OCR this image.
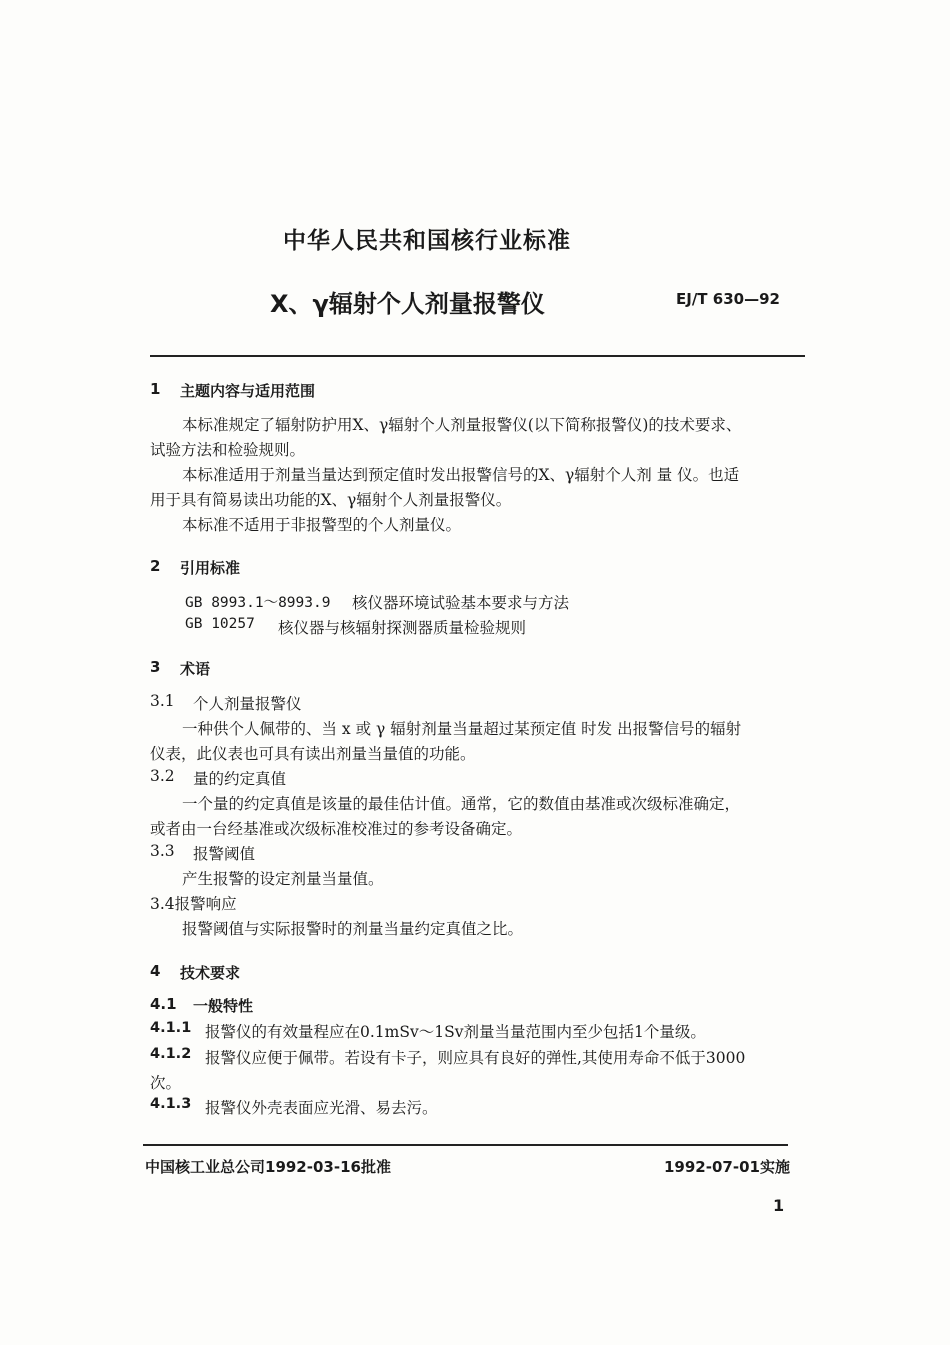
中华人民共和国核行业标准
X、γ辐射个人剂量报警仪	EJ/T 630—92
1 主题内容与适用范围
本标准规定了辐射防护用X、γ辐射个人剂量报警仪(以下简称报警仪)的技术要求、
试验方法和检验规则。
本标准适用于剂量当量达到预定值时发出报警信号的X、γ辐射个人剂 量 仪。也适
用于具有简易读出功能的X、γ辐射个人剂量报警仪。
本标准不适用于非报警型的个人剂量仪。
2 引用标准
GB 8993.1～8993.9 核仪器环境试验基本要求与方法
GB 10257 核仪器与核辐射探测器质量检验规则
3 术语
3.1 个人剂量报警仪
一种供个人佩带的、当 x 或 γ 辐射剂量当量超过某预定值 时发 出报警信号的辐射
仪表，此仪表也可具有读出剂量当量值的功能。
3.2 量的约定真值
一个量的约定真值是该量的最佳估计值。通常，它的数值由基准或次级标准确定，
或者由一台经基准或次级标准校准过的参考设备确定。
3.3 报警阈值
产生报警的设定剂量当量值。
3.4报警响应
报警阈值与实际报警时的剂量当量约定真值之比。
4 技术要求
4.1 一般特性
4.1.1 报警仪的有效量程应在0.1mSv～1Sv剂量当量范围内至少包括1个量级。
4.1.2 报警仪应便于佩带。若设有卡子，则应具有良好的弹性,其使用寿命不低于3000
次。
4.1.3 报警仪外壳表面应光滑、易去污。
中国核工业总公司1992-03-16批准	1992-07-01实施
1
